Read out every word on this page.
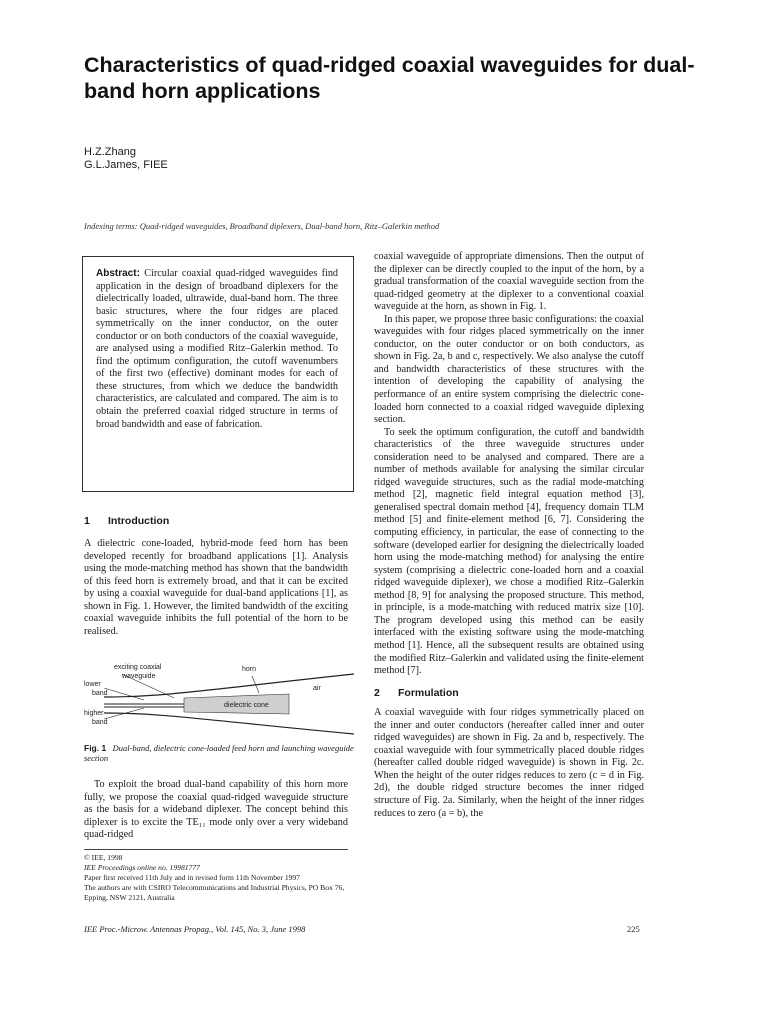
Characteristics of quad-ridged coaxial waveguides for dual-band horn applications
H.Z.Zhang
G.L.James, FIEE
Indexing terms: Quad-ridged waveguides, Broadband diplexers, Dual-band horn, Ritz–Galerkin method
Abstract: Circular coaxial quad-ridged waveguides find application in the design of broadband diplexers for the dielectrically loaded, ultrawide, dual-band horn. The three basic structures, where the four ridges are placed symmetrically on the inner conductor, on the outer conductor or on both conductors of the coaxial waveguide, are analysed using a modified Ritz–Galerkin method. To find the optimum configuration, the cutoff wavenumbers of the first two (effective) dominant modes for each of these structures, from which we deduce the bandwidth characteristics, are calculated and compared. The aim is to obtain the preferred coaxial ridged structure in terms of broad bandwidth and ease of fabrication.
1 Introduction

A dielectric cone-loaded, hybrid-mode feed horn has been developed recently for broadband applications [1]. Analysis using the mode-matching method has shown that the bandwidth of this feed horn is extremely broad, and that it can be excited by using a coaxial waveguide for dual-band applications [1], as shown in Fig. 1. However, the limited bandwidth of the exciting coaxial waveguide inhibits the full potential of the horn to be realised.

exciting coaxial
waveguide
horn
lower
band
air
higher
band
dielectric cone
Fig. 1 Dual-band, dielectric cone-loaded feed horn and launching waveguide section

To exploit the broad dual-band capability of this horn more fully, we propose the coaxial quad-ridged waveguide structure as the basis for a wideband diplexer. The concept behind this diplexer is to excite the TE₁₁ mode only over a very wideband quad-ridged

© IEE, 1998
IEE Proceedings online no. 19981777
Paper first received 11th July and in revised form 11th November 1997
The authors are with CSIRO Telecommunications and Industrial Physics, PO Box 76, Epping, NSW 2121, Australia
IEE Proc.-Microw. Antennas Propag., Vol. 145, No. 3, June 1998	225

coaxial waveguide of appropriate dimensions. Then the output of the diplexer can be directly coupled to the input of the horn, by a gradual transformation of the coaxial waveguide section from the quad-ridged geometry at the diplexer to a conventional coaxial waveguide at the horn, as shown in Fig. 1.

In this paper, we propose three basic configurations: the coaxial waveguides with four ridges placed symmetrically on the inner conductor, on the outer conductor or on both conductors, as shown in Fig. 2a, b and c, respectively. We also analyse the cutoff and bandwidth characteristics of these structures with the intention of developing the capability of analysing the performance of an entire system comprising the dielectric cone-loaded horn connected to a coaxial ridged waveguide diplexing section.

To seek the optimum configuration, the cutoff and bandwidth characteristics of the three waveguide structures under consideration need to be analysed and compared. There are a number of methods available for analysing the similar circular ridged waveguide structures, such as the radial mode-matching method [2], magnetic field integral equation method [3], generalised spectral domain method [4], frequency domain TLM method [5] and finite-element method [6, 7]. Considering the computing efficiency, in particular, the ease of connecting to the software (developed earlier for designing the dielectrically loaded horn using the mode-matching method) for analysing the entire system (comprising a dielectric cone-loaded horn and a coaxial ridged waveguide diplexer), we chose a modified Ritz–Galerkin method [8, 9] for analysing the proposed structure. This method, in principle, is a mode-matching with reduced matrix size [10]. The program developed using this method can be easily interfaced with the existing software using the mode-matching method [1]. Hence, all the subsequent results are obtained using the modified Ritz–Galerkin and validated using the finite-element method [7].

2 Formulation

A coaxial waveguide with four ridges symmetrically placed on the inner and outer conductors (hereafter called inner and outer ridged waveguides) are shown in Fig. 2a and b, respectively. The coaxial waveguide with four symmetrically placed double ridges (hereafter called double ridged waveguide) is shown in Fig. 2c. When the height of the outer ridges reduces to zero (c = d in Fig. 2d), the double ridged structure becomes the inner ridged structure of Fig. 2a. Similarly, when the height of the inner ridges reduces to zero (a = b), the
